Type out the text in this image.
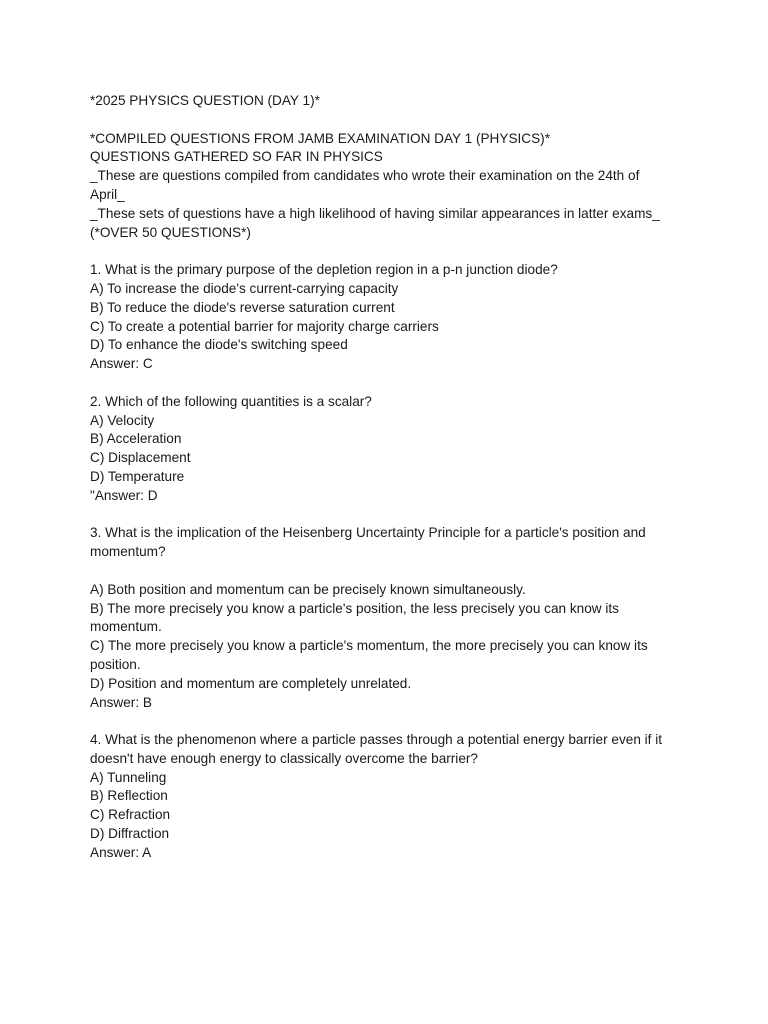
*2025 PHYSICS QUESTION (DAY 1)*
*COMPILED QUESTIONS FROM JAMB EXAMINATION DAY 1 (PHYSICS)*
QUESTIONS GATHERED SO FAR IN PHYSICS
_These are questions compiled from candidates who wrote their examination on the 24th of
April_
_These sets of questions have a high likelihood of having similar appearances in latter exams_
(*OVER 50 QUESTIONS*)
1. What is the primary purpose of the depletion region in a p-n junction diode?
A) To increase the diode's current-carrying capacity
B) To reduce the diode's reverse saturation current
C) To create a potential barrier for majority charge carriers
D) To enhance the diode's switching speed
Answer: C
2. Which of the following quantities is a scalar?
A) Velocity
B) Acceleration
C) Displacement
D) Temperature
"Answer: D
3. What is the implication of the Heisenberg Uncertainty Principle for a particle's position and
momentum?
A) Both position and momentum can be precisely known simultaneously.
B) The more precisely you know a particle's position, the less precisely you can know its
momentum.
C) The more precisely you know a particle's momentum, the more precisely you can know its
position.
D) Position and momentum are completely unrelated.
Answer: B
4. What is the phenomenon where a particle passes through a potential energy barrier even if it
doesn't have enough energy to classically overcome the barrier?
A) Tunneling
B) Reflection
C) Refraction
D) Diffraction
Answer: A
